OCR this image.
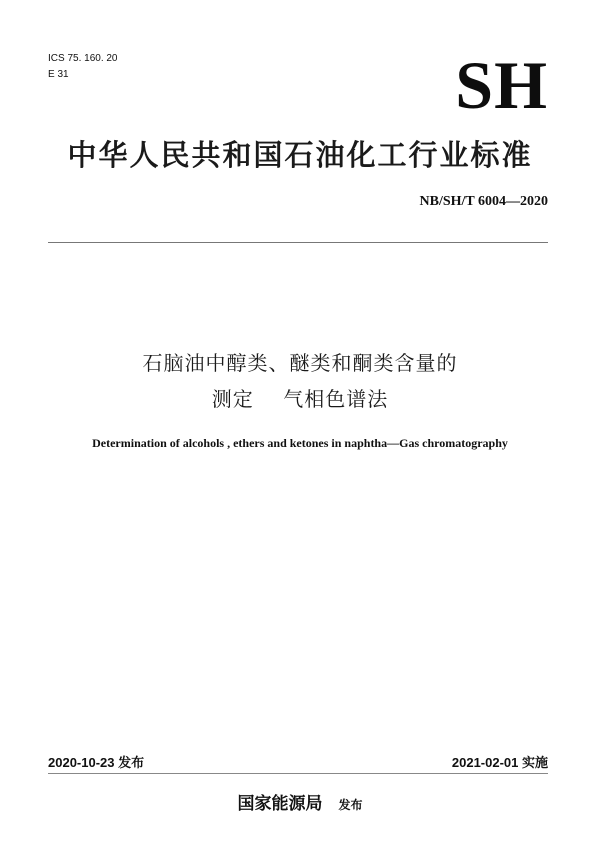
ICS 75. 160. 20
E 31	SH
中华人民共和国石油化工行业标准
NB/SH/T 6004—2020
石脑油中醇类、醚类和酮类含量的
测定    气相色谱法
Determination of alcohols , ethers and ketones in naphtha—Gas chromatography
2020-10-23 发布	2021-02-01 实施
国家能源局 发布
